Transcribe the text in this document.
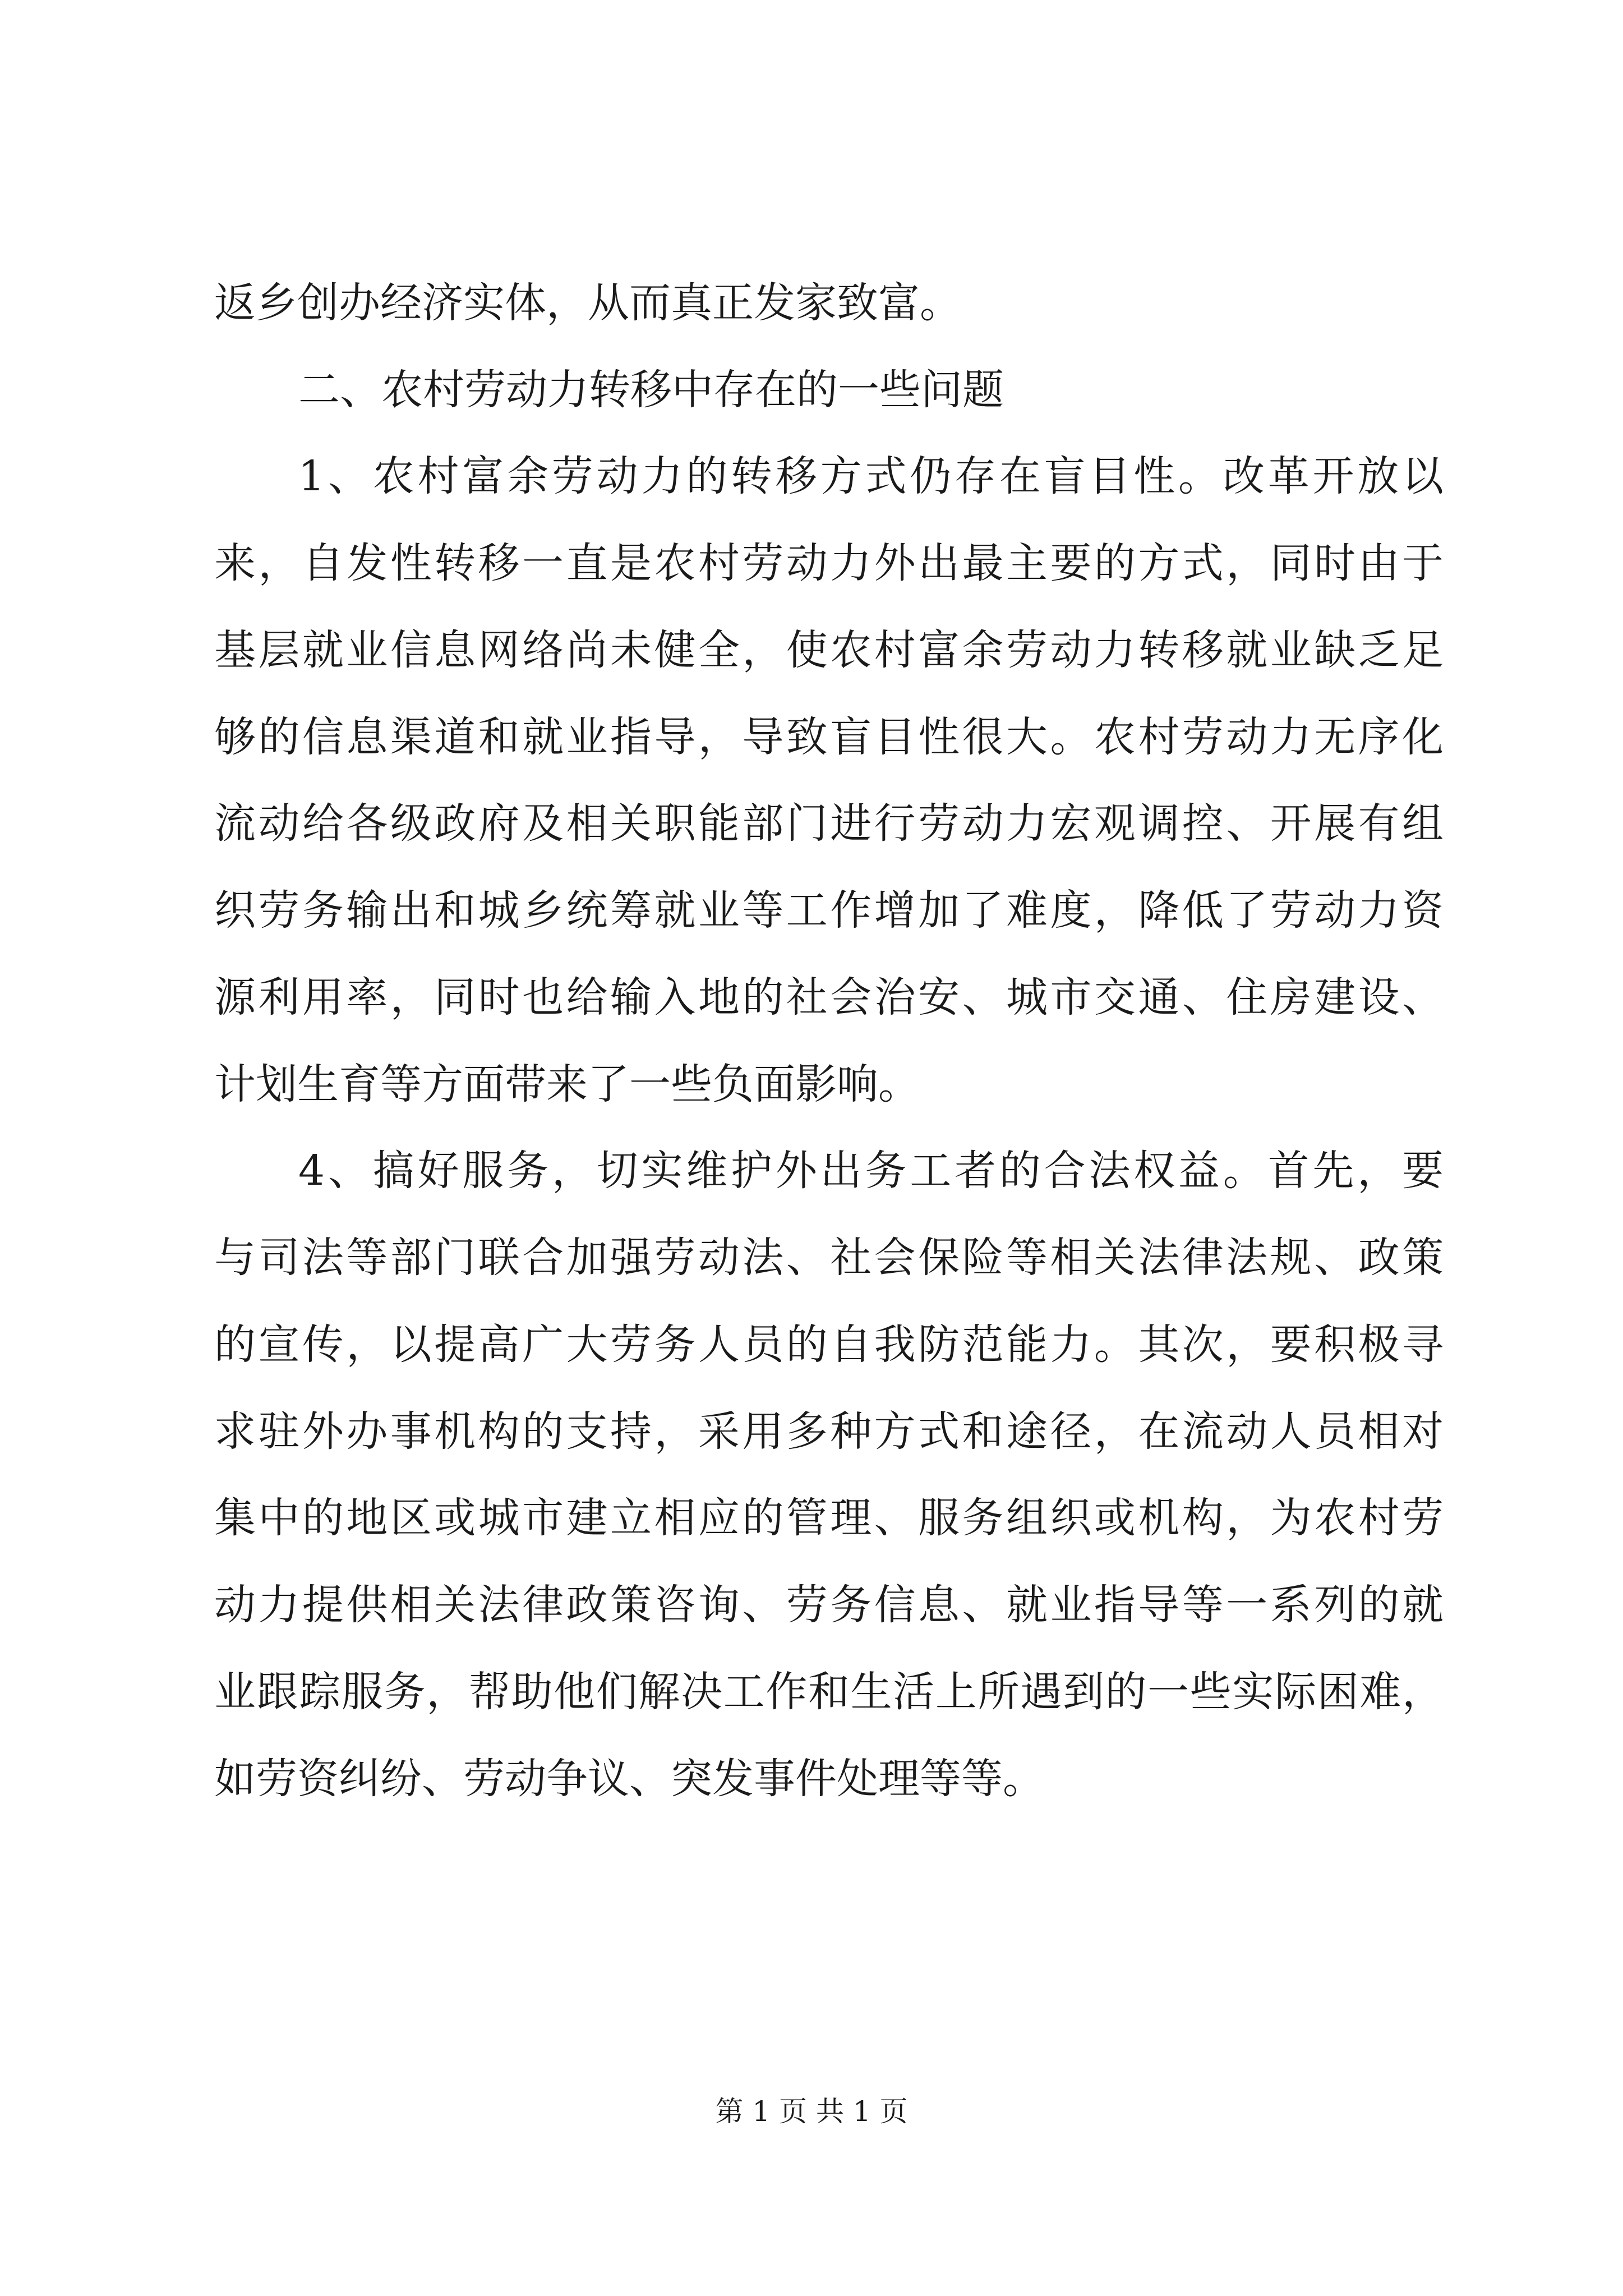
返乡创办经济实体，从而真正发家致富。
二、农村劳动力转移中存在的一些问题
1、农村富余劳动力的转移方式仍存在盲目性。改革开放以
来，自发性转移一直是农村劳动力外出最主要的方式，同时由于
基层就业信息网络尚未健全，使农村富余劳动力转移就业缺乏足
够的信息渠道和就业指导，导致盲目性很大。农村劳动力无序化
流动给各级政府及相关职能部门进行劳动力宏观调控、开展有组
织劳务输出和城乡统筹就业等工作增加了难度，降低了劳动力资
源利用率，同时也给输入地的社会治安、城市交通、住房建设、
计划生育等方面带来了一些负面影响。
4、搞好服务，切实维护外出务工者的合法权益。首先，要
与司法等部门联合加强劳动法、社会保险等相关法律法规、政策
的宣传，以提高广大劳务人员的自我防范能力。其次，要积极寻
求驻外办事机构的支持，采用多种方式和途径，在流动人员相对
集中的地区或城市建立相应的管理、服务组织或机构，为农村劳
动力提供相关法律政策咨询、劳务信息、就业指导等一系列的就
业跟踪服务，帮助他们解决工作和生活上所遇到的一些实际困难，
如劳资纠纷、劳动争议、突发事件处理等等。
第 1 页 共 1 页
